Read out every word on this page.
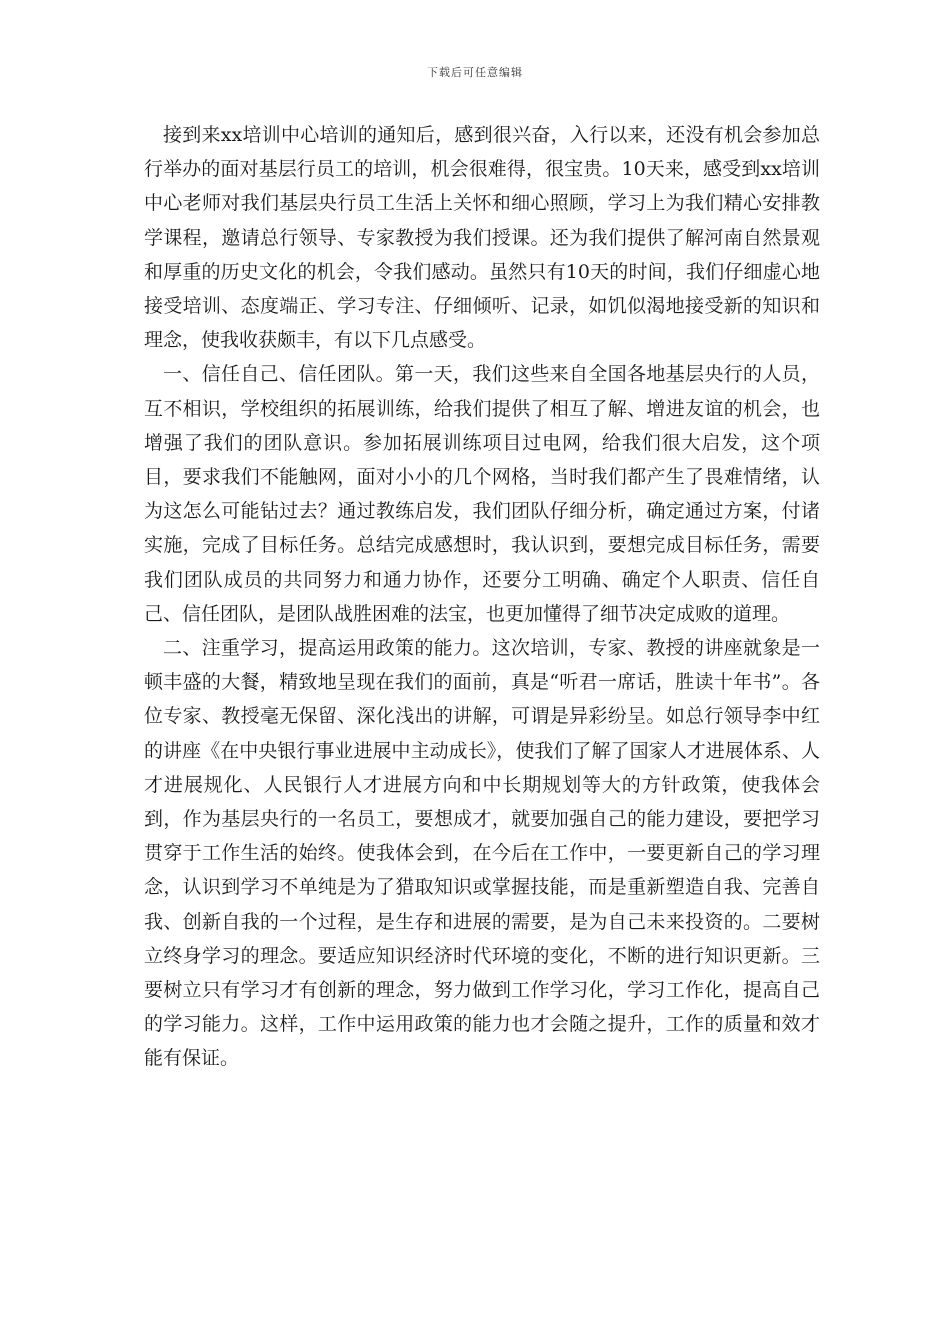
下载后可任意编辑

接到来xx培训中心培训的通知后，感到很兴奋，入行以来，还没有机会参加总行举办的面对基层行员工的培训，机会很难得，很宝贵。10天来，感受到xx培训中心老师对我们基层央行员工生活上关怀和细心照顾，学习上为我们精心安排教学课程，邀请总行领导、专家教授为我们授课。还为我们提供了解河南自然景观和厚重的历史文化的机会，令我们感动。虽然只有10天的时间，我们仔细虚心地接受培训、态度端正、学习专注、仔细倾听、记录，如饥似渴地接受新的知识和理念，使我收获颇丰，有以下几点感受。

一、信任自己、信任团队。第一天，我们这些来自全国各地基层央行的人员，互不相识，学校组织的拓展训练，给我们提供了相互了解、增进友谊的机会，也增强了我们的团队意识。参加拓展训练项目过电网，给我们很大启发，这个项目，要求我们不能触网，面对小小的几个网格，当时我们都产生了畏难情绪，认为这怎么可能钻过去？通过教练启发，我们团队仔细分析，确定通过方案，付诸实施，完成了目标任务。总结完成感想时，我认识到，要想完成目标任务，需要我们团队成员的共同努力和通力协作，还要分工明确、确定个人职责、信任自己、信任团队，是团队战胜困难的法宝，也更加懂得了细节决定成败的道理。

二、注重学习，提高运用政策的能力。这次培训，专家、教授的讲座就象是一顿丰盛的大餐，精致地呈现在我们的面前，真是“听君一席话，胜读十年书”。各位专家、教授毫无保留、深化浅出的讲解，可谓是异彩纷呈。如总行领导李中红的讲座《在中央银行事业进展中主动成长》，使我们了解了国家人才进展体系、人才进展规化、人民银行人才进展方向和中长期规划等大的方针政策，使我体会到，作为基层央行的一名员工，要想成才，就要加强自己的能力建设，要把学习贯穿于工作生活的始终。使我体会到，在今后在工作中，一要更新自己的学习理念，认识到学习不单纯是为了猎取知识或掌握技能，而是重新塑造自我、完善自我、创新自我的一个过程，是生存和进展的需要，是为自己未来投资的。二要树立终身学习的理念。要适应知识经济时代环境的变化，不断的进行知识更新。三要树立只有学习才有创新的理念，努力做到工作学习化，学习工作化，提高自己的学习能力。这样，工作中运用政策的能力也才会随之提升，工作的质量和效才能有保证。
